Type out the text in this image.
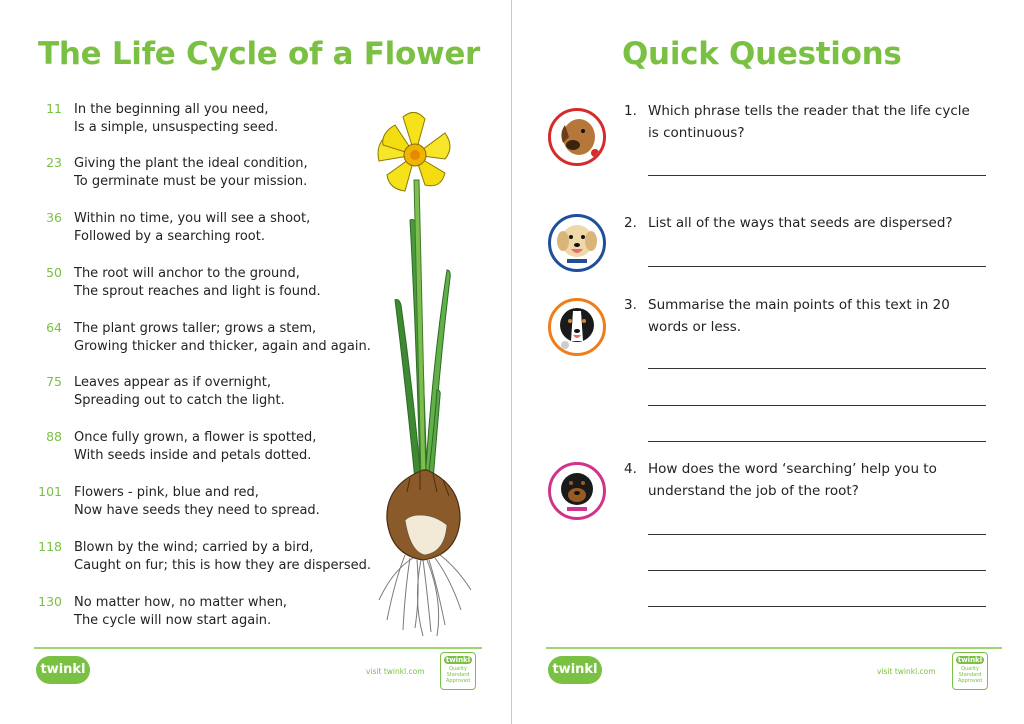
The Life Cycle of a Flower
11 In the beginning all you need,
Is a simple, unsuspecting seed.
23 Giving the plant the ideal condition,
To germinate must be your mission.
36 Within no time, you will see a shoot,
Followed by a searching root.
50 The root will anchor to the ground,
The sprout reaches and light is found.
64 The plant grows taller; grows a stem,
Growing thicker and thicker, again and again.
75 Leaves appear as if overnight,
Spreading out to catch the light.
88 Once fully grown, a flower is spotted,
With seeds inside and petals dotted.
101 Flowers - pink, blue and red,
Now have seeds they need to spread.
118 Blown by the wind; carried by a bird,
Caught on fur; this is how they are dispersed.
130 No matter how, no matter when,
The cycle will now start again.
twinkl	visit twinkl.com
twinkl
Quality Standard Approved
Quick Questions
1. Which phrase tells the reader that the life cycle is continuous?
2. List all of the ways that seeds are dispersed?
3. Summarise the main points of this text in 20 words or less.
4. How does the word ‘searching’ help you to understand the job of the root?
twinkl	visit twinkl.com
twinkl
Quality Standard Approved
